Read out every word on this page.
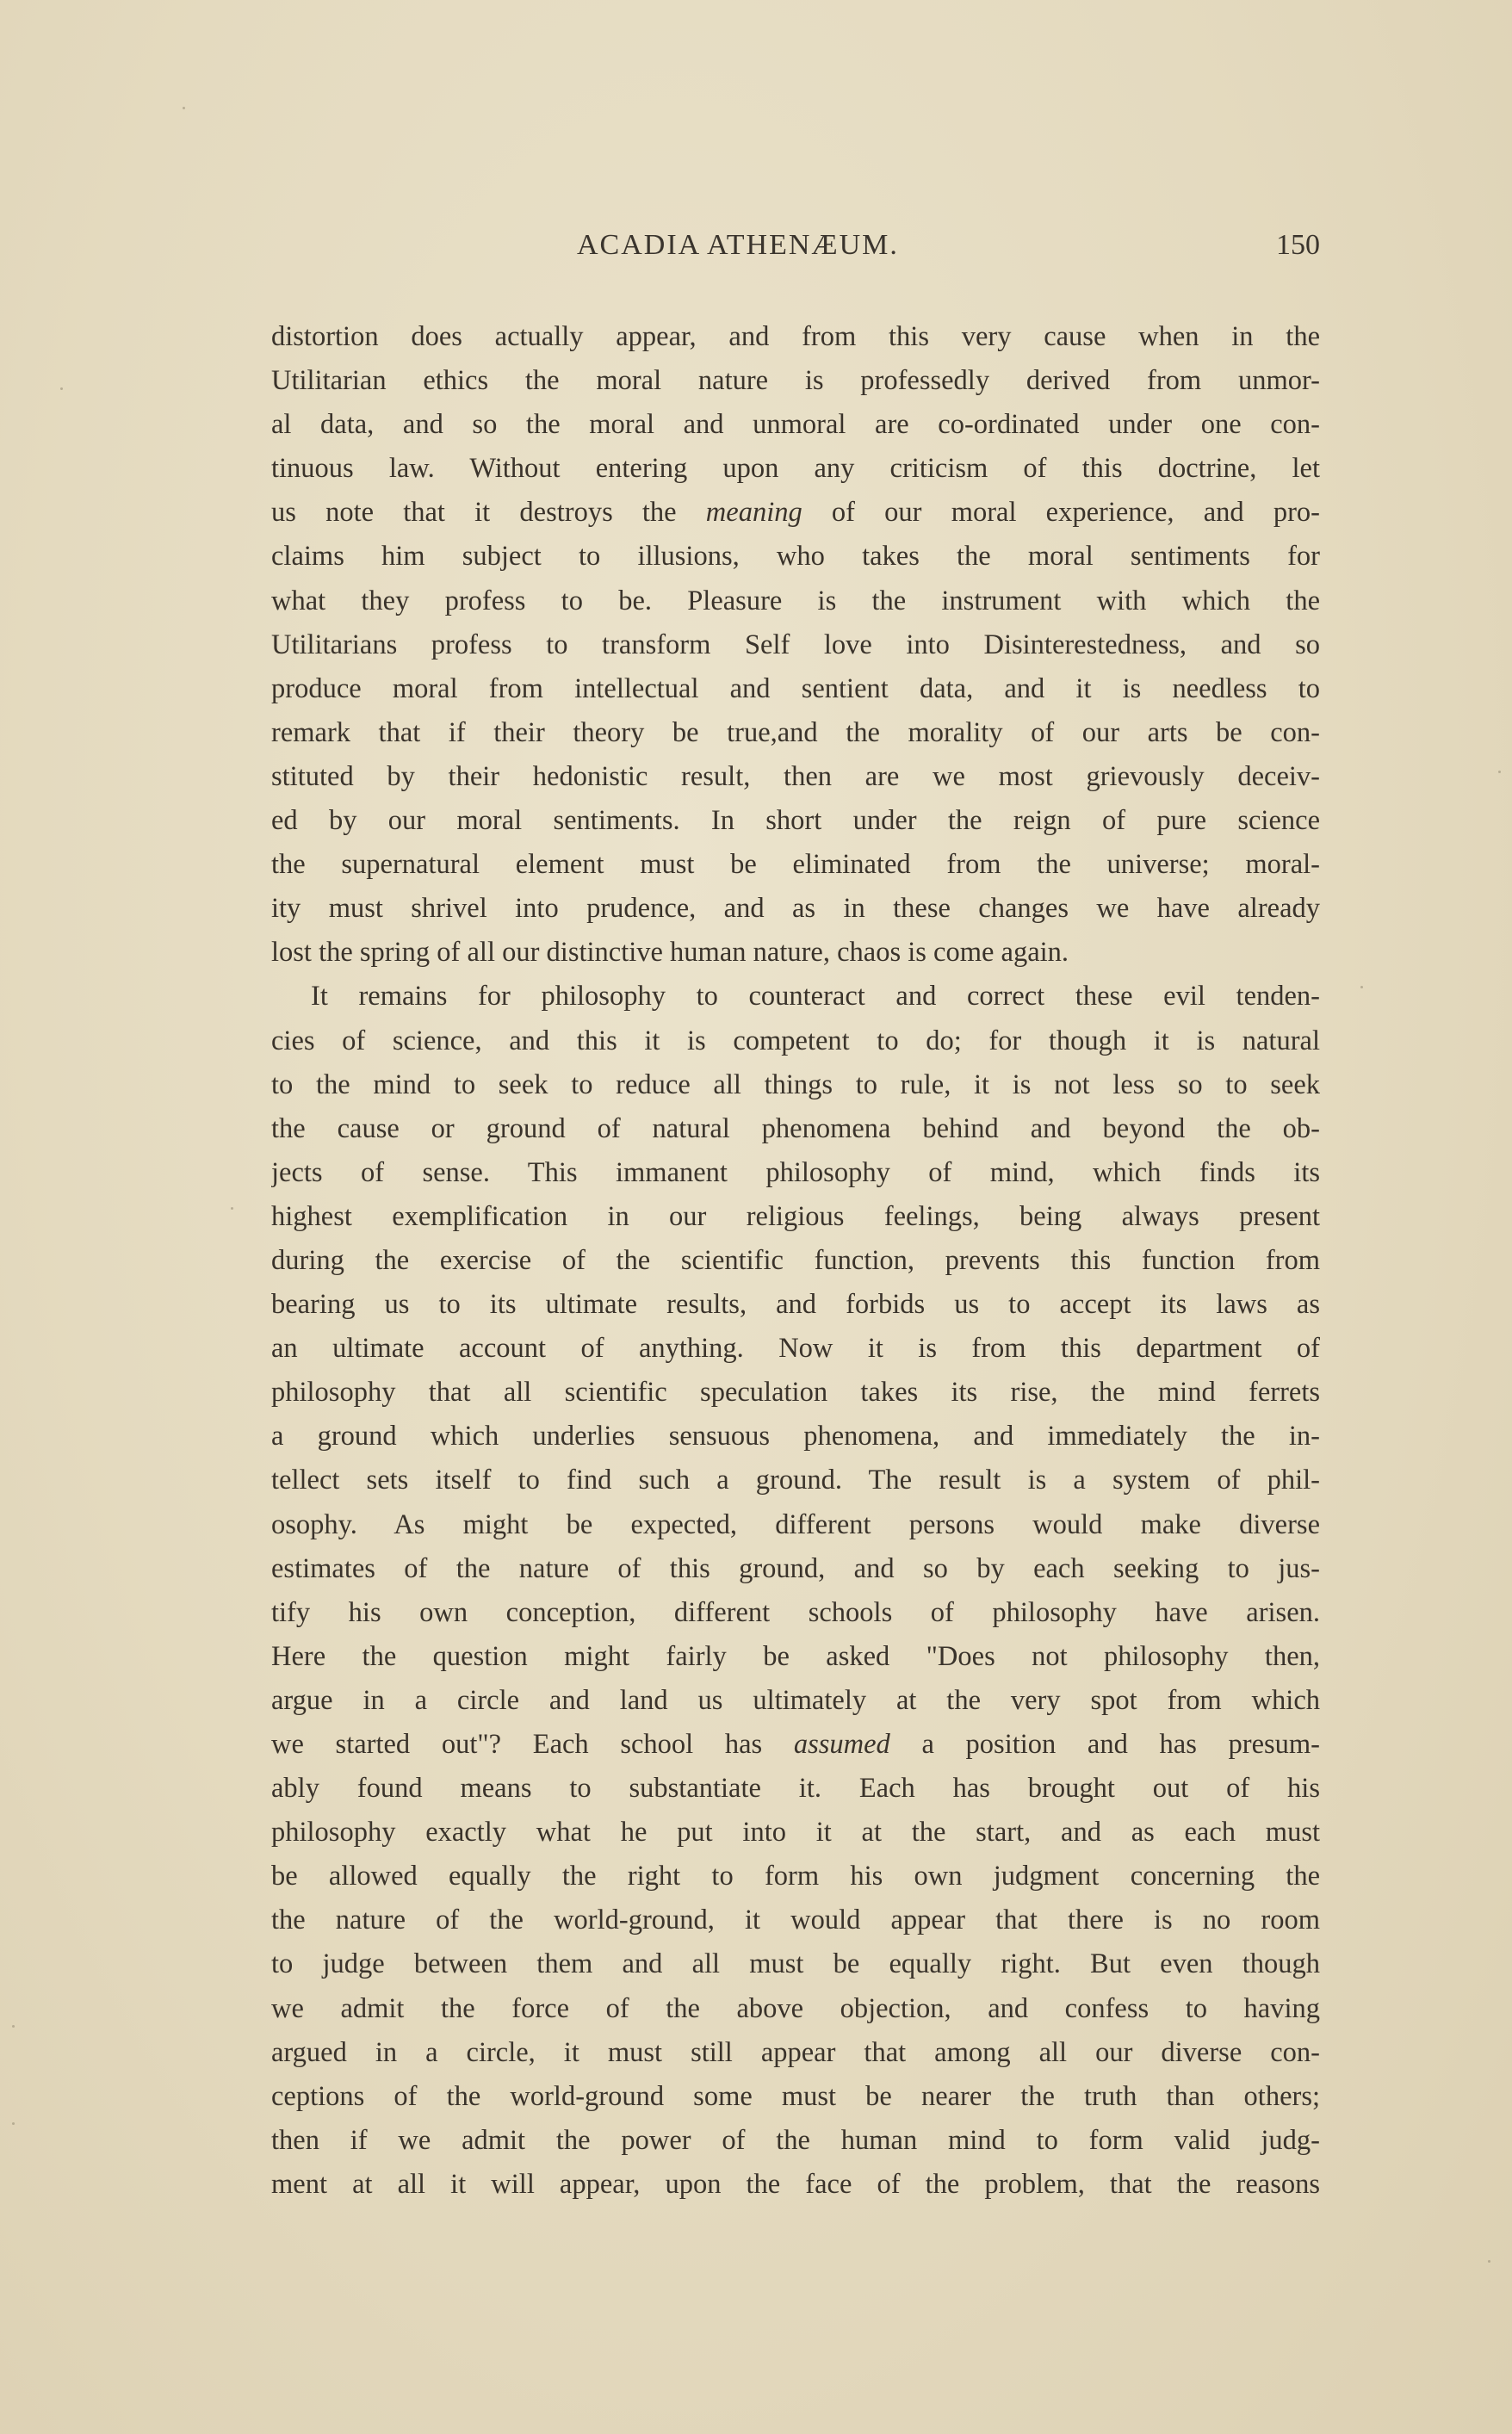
ACADIA ATHENÆUM.	150
distortion does actually appear, and from this very cause when in the
Utilitarian ethics the moral nature is professedly derived from unmor-
al data, and so the moral and unmoral are co-ordinated under one con-
tinuous law. Without entering upon any criticism of this doctrine, let
us note that it destroys the meaning of our moral experience, and pro-
claims him subject to illusions, who takes the moral sentiments for
what they profess to be. Pleasure is the instrument with which the
Utilitarians profess to transform Self love into Disinterestedness, and so
produce moral from intellectual and sentient data, and it is needless to
remark that if their theory be true,and the morality of our arts be con-
stituted by their hedonistic result, then are we most grievously deceiv-
ed by our moral sentiments. In short under the reign of pure science
the supernatural element must be eliminated from the universe; moral-
ity must shrivel into prudence, and as in these changes we have already
lost the spring of all our distinctive human nature, chaos is come again.
It remains for philosophy to counteract and correct these evil tenden-
cies of science, and this it is competent to do; for though it is natural
to the mind to seek to reduce all things to rule, it is not less so to seek
the cause or ground of natural phenomena behind and beyond the ob-
jects of sense. This immanent philosophy of mind, which finds its
highest exemplification in our religious feelings, being always present
during the exercise of the scientific function, prevents this function from
bearing us to its ultimate results, and forbids us to accept its laws as
an ultimate account of anything. Now it is from this department of
philosophy that all scientific speculation takes its rise, the mind ferrets
a ground which underlies sensuous phenomena, and immediately the in-
tellect sets itself to find such a ground. The result is a system of phil-
osophy. As might be expected, different persons would make diverse
estimates of the nature of this ground, and so by each seeking to jus-
tify his own conception, different schools of philosophy have arisen.
Here the question might fairly be asked "Does not philosophy then,
argue in a circle and land us ultimately at the very spot from which
we started out"? Each school has assumed a position and has presum-
ably found means to substantiate it. Each has brought out of his
philosophy exactly what he put into it at the start, and as each must
be allowed equally the right to form his own judgment concerning the
the nature of the world-ground, it would appear that there is no room
to judge between them and all must be equally right. But even though
we admit the force of the above objection, and confess to having
argued in a circle, it must still appear that among all our diverse con-
ceptions of the world-ground some must be nearer the truth than others;
then if we admit the power of the human mind to form valid judg-
ment at all it will appear, upon the face of the problem, that the reasons
